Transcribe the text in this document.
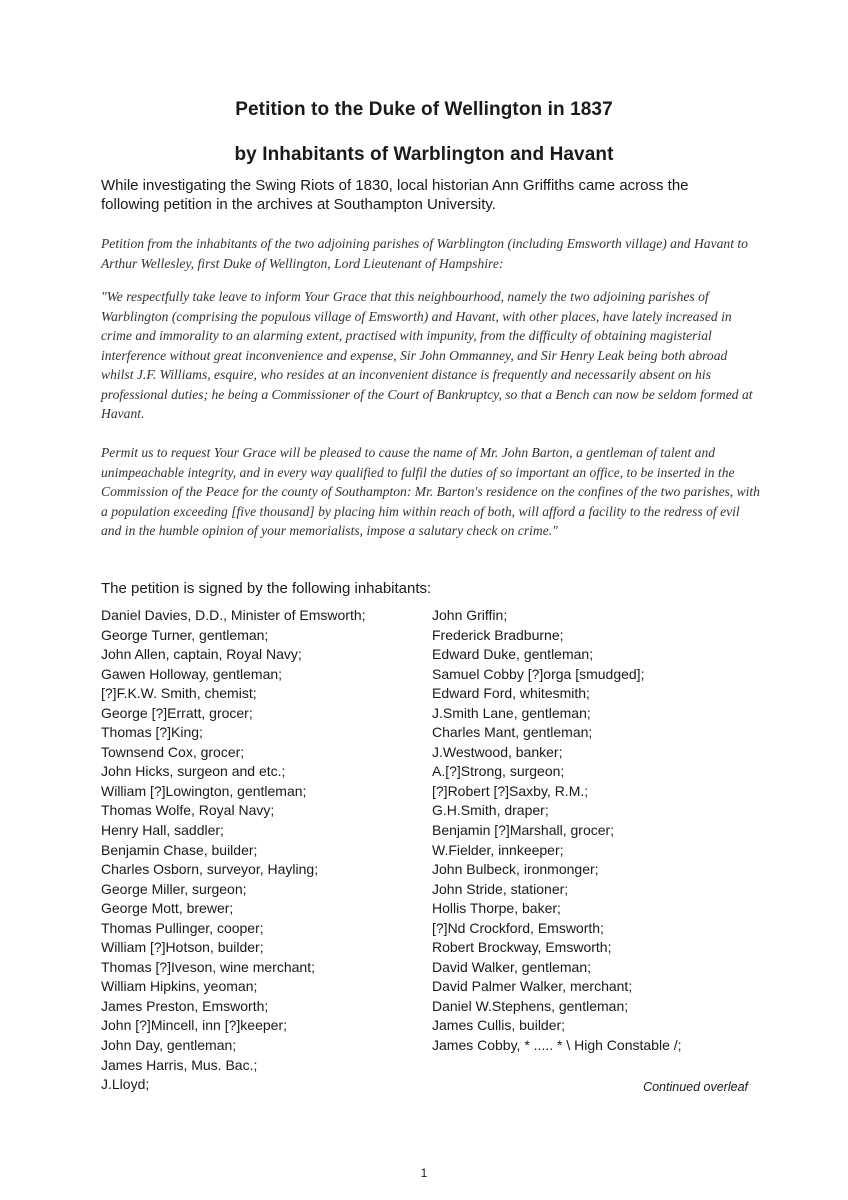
Petition to the Duke of Wellington in 1837
by Inhabitants of Warblington and Havant
While investigating the Swing Riots of 1830, local historian Ann Griffiths came across the following petition in the archives at Southampton University.
Petition from the inhabitants of the two adjoining parishes of Warblington (including Emsworth village) and Havant to Arthur Wellesley, first Duke of Wellington, Lord Lieutenant of Hampshire:
"We respectfully take leave to inform Your Grace that this neighbourhood, namely the two adjoining parishes of Warblington (comprising the populous village of Emsworth) and Havant, with other places, have lately increased in crime and immorality to an alarming extent, practised with impunity, from the difficulty of obtaining magisterial interference without great inconvenience and expense, Sir John Ommanney, and Sir Henry Leak being both abroad whilst J.F. Williams, esquire, who resides at an inconvenient distance is frequently and necessarily absent on his professional duties; he being a Commissioner of the Court of Bankruptcy, so that a Bench can now be seldom formed at Havant.
Permit us to request Your Grace will be pleased to cause the name of Mr. John Barton, a gentleman of talent and unimpeachable integrity, and in every way qualified to fulfil the duties of so important an office, to be inserted in the Commission of the Peace for the county of Southampton: Mr. Barton's residence on the confines of the two parishes, with a population exceeding [five thousand] by placing him within reach of both, will afford a facility to the redress of evil and in the humble opinion of your memorialists, impose a salutary check on crime."
The petition is signed by the following inhabitants:
Daniel Davies, D.D., Minister of Emsworth;
George Turner, gentleman;
John Allen, captain, Royal Navy;
Gawen Holloway, gentleman;
[?]F.K.W. Smith, chemist;
George [?]Erratt, grocer;
Thomas [?]King;
Townsend Cox, grocer;
John Hicks, surgeon and etc.;
William [?]Lowington, gentleman;
Thomas Wolfe, Royal Navy;
Henry Hall, saddler;
Benjamin Chase, builder;
Charles Osborn, surveyor, Hayling;
George Miller, surgeon;
George Mott, brewer;
Thomas Pullinger, cooper;
William [?]Hotson, builder;
Thomas [?]Iveson, wine merchant;
William Hipkins, yeoman;
James Preston, Emsworth;
John [?]Mincell, inn [?]keeper;
John Day, gentleman;
James Harris, Mus. Bac.;
J.Lloyd;
John Griffin;
Frederick Bradburne;
Edward Duke, gentleman;
Samuel Cobby [?]orga [smudged];
Edward Ford, whitesmith;
J.Smith Lane, gentleman;
Charles Mant, gentleman;
J.Westwood, banker;
A.[?]Strong, surgeon;
[?]Robert [?]Saxby, R.M.;
G.H.Smith, draper;
Benjamin [?]Marshall, grocer;
W.Fielder, innkeeper;
John Bulbeck, ironmonger;
John Stride, stationer;
Hollis Thorpe, baker;
[?]Nd Crockford, Emsworth;
Robert Brockway, Emsworth;
David Walker, gentleman;
David Palmer Walker, merchant;
Daniel W.Stephens, gentleman;
James Cullis, builder;
James Cobby, * ..... * \ High Constable /;
Continued overleaf
1
